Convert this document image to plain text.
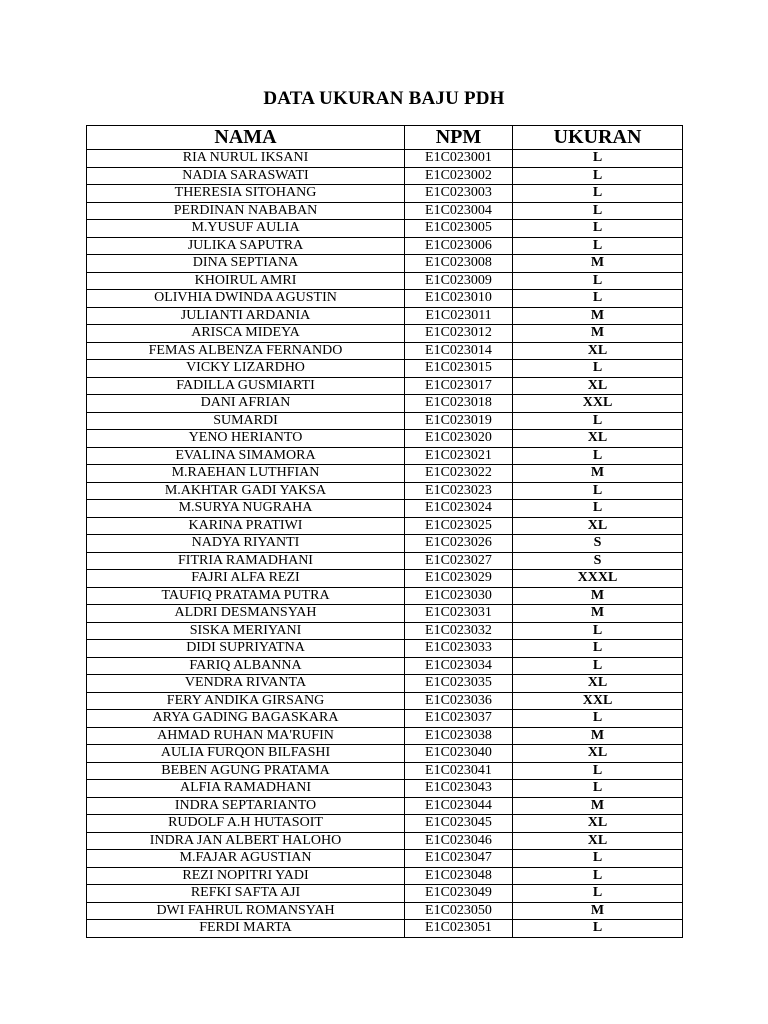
DATA UKURAN BAJU PDH
NAMA	NPM	UKURAN
RIA NURUL IKSANI	E1C023001	L
NADIA SARASWATI	E1C023002	L
THERESIA SITOHANG	E1C023003	L
PERDINAN NABABAN	E1C023004	L
M.YUSUF AULIA	E1C023005	L
JULIKA SAPUTRA	E1C023006	L
DINA SEPTIANA	E1C023008	M
KHOIRUL AMRI	E1C023009	L
OLIVHIA DWINDA AGUSTIN	E1C023010	L
JULIANTI ARDANIA	E1C023011	M
ARISCA MIDEYA	E1C023012	M
FEMAS ALBENZA FERNANDO	E1C023014	XL
VICKY LIZARDHO	E1C023015	L
FADILLA GUSMIARTI	E1C023017	XL
DANI AFRIAN	E1C023018	XXL
SUMARDI	E1C023019	L
YENO HERIANTO	E1C023020	XL
EVALINA SIMAMORA	E1C023021	L
M.RAEHAN LUTHFIAN	E1C023022	M
M.AKHTAR GADI YAKSA	E1C023023	L
M.SURYA NUGRAHA	E1C023024	L
KARINA PRATIWI	E1C023025	XL
NADYA RIYANTI	E1C023026	S
FITRIA RAMADHANI	E1C023027	S
FAJRI ALFA REZI	E1C023029	XXXL
TAUFIQ PRATAMA PUTRA	E1C023030	M
ALDRI DESMANSYAH	E1C023031	M
SISKA MERIYANI	E1C023032	L
DIDI SUPRIYATNA	E1C023033	L
FARIQ ALBANNA	E1C023034	L
VENDRA RIVANTA	E1C023035	XL
FERY ANDIKA GIRSANG	E1C023036	XXL
ARYA GADING BAGASKARA	E1C023037	L
AHMAD RUHAN MA'RUFIN	E1C023038	M
AULIA FURQON BILFASHI	E1C023040	XL
BEBEN AGUNG PRATAMA	E1C023041	L
ALFIA RAMADHANI	E1C023043	L
INDRA SEPTARIANTO	E1C023044	M
RUDOLF A.H HUTASOIT	E1C023045	XL
INDRA JAN ALBERT HALOHO	E1C023046	XL
M.FAJAR AGUSTIAN	E1C023047	L
REZI NOPITRI YADI	E1C023048	L
REFKI SAFTA AJI	E1C023049	L
DWI FAHRUL ROMANSYAH	E1C023050	M
FERDI MARTA	E1C023051	L
